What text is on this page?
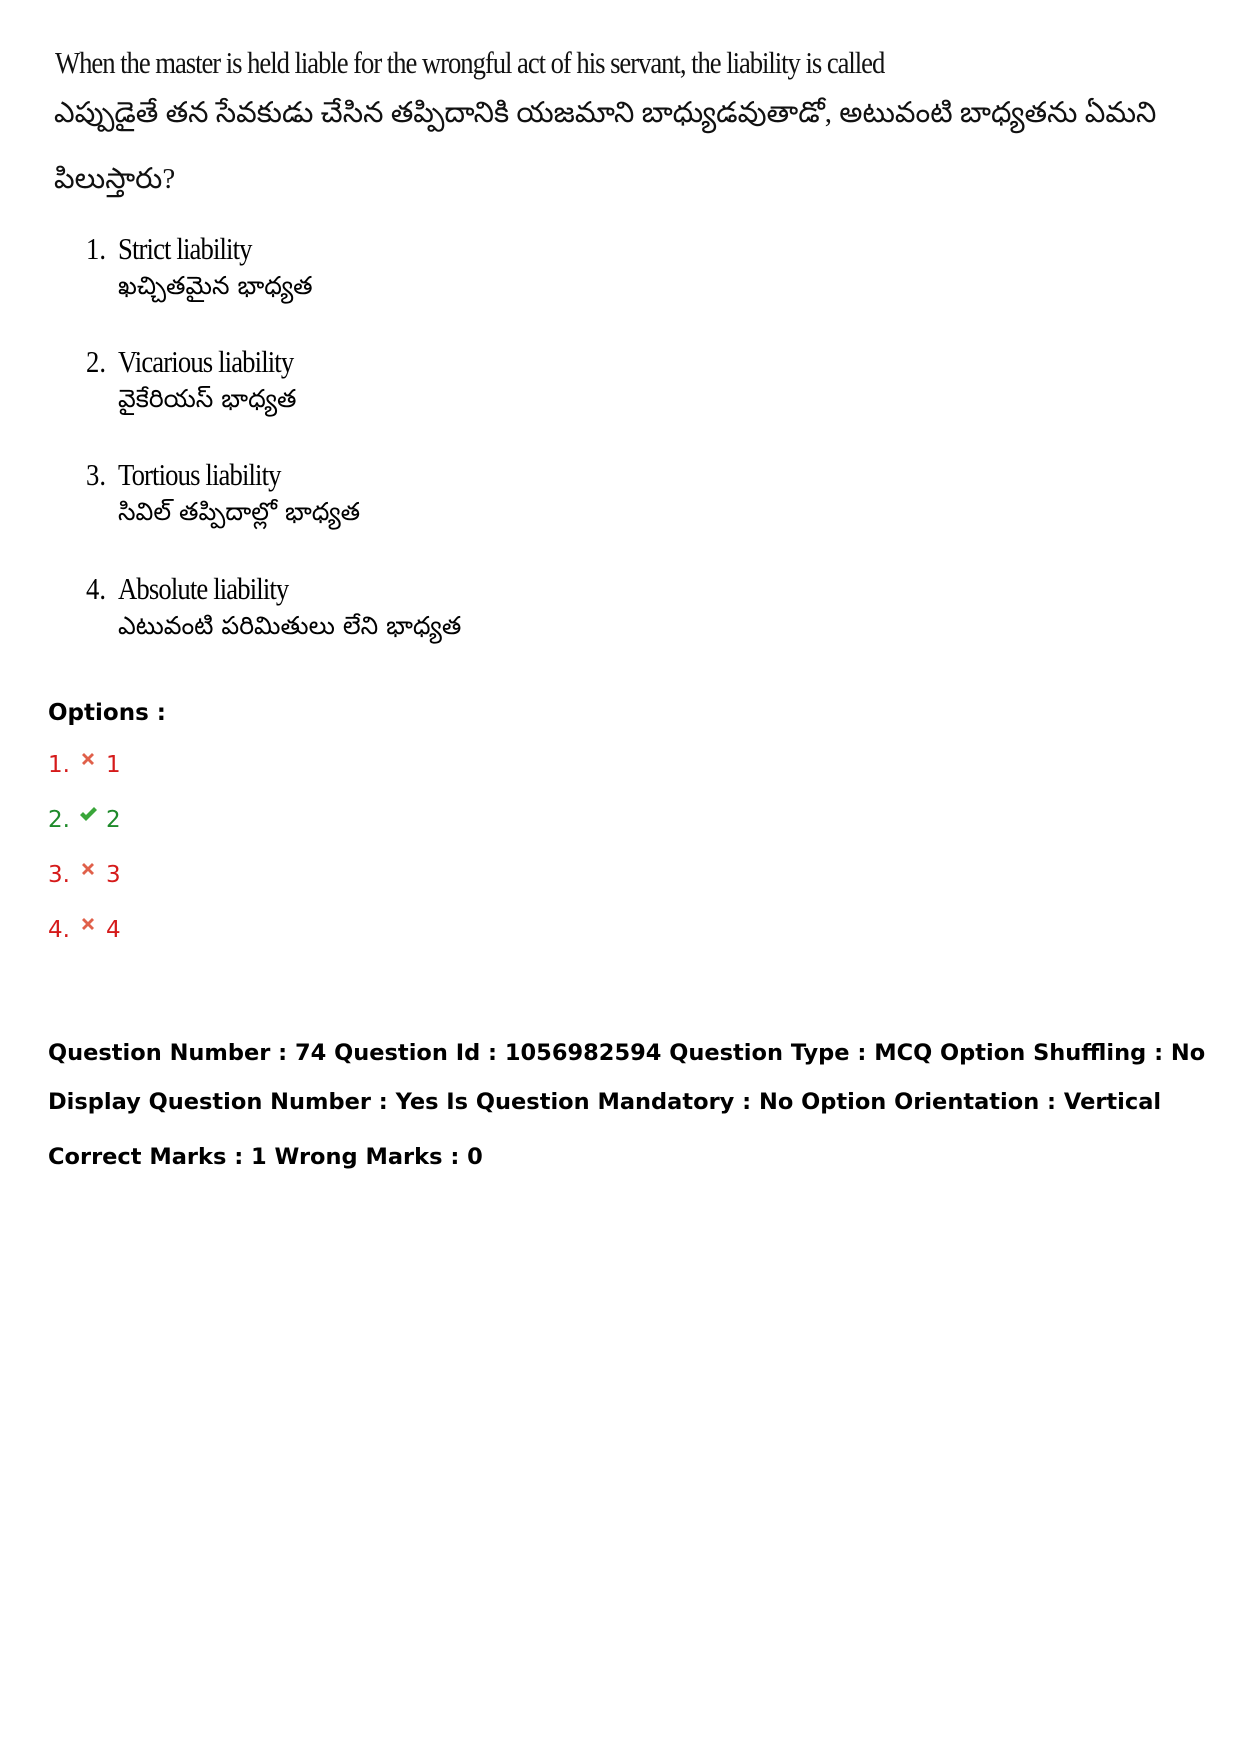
When the master is held liable for the wrongful act of his servant, the liability is called
ఎప్పుడైతే తన సేవకుడు చేసిన తప్పిదానికి యజమాని బాధ్యుడవుతాడో, అటువంటి బాధ్యతను ఏమని
పిలుస్తారు?
1. Strict liability
ఖచ్చితమైన భాధ్యత
2. Vicarious liability
వైకేరియస్ భాధ్యత
3. Tortious liability
సివిల్ తప్పిదాల్లో భాధ్యత
4. Absolute liability
ఎటువంటి పరిమితులు లేని భాధ్యత
Options :
1. 1
2. 2
3. 3
4. 4
Question Number : 74 Question Id : 1056982594 Question Type : MCQ Option Shuffling : No
Display Question Number : Yes Is Question Mandatory : No Option Orientation : Vertical
Correct Marks : 1 Wrong Marks : 0
